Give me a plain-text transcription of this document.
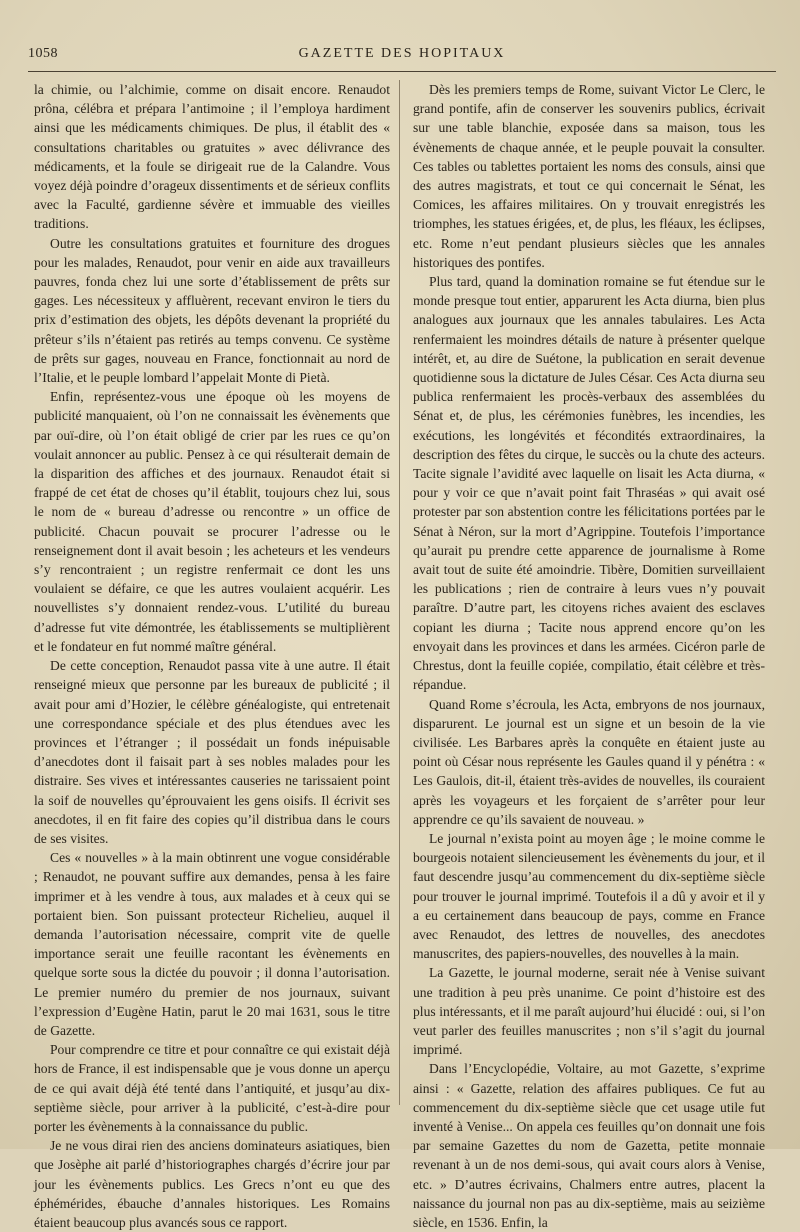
1058	GAZETTE DES HOPITAUX

la chimie, ou l’alchimie, comme on disait encore. Renaudot prôna, célébra et prépara l’antimoine ; il l’employa hardiment ainsi que les médicaments chimiques. De plus, il établit des « consultations charitables ou gratuites » avec délivrance des médicaments, et la foule se dirigeait rue de la Calandre. Vous voyez déjà poindre d’orageux dissentiments et de sérieux conflits avec la Faculté, gardienne sévère et immuable des vieilles traditions.

Outre les consultations gratuites et fourniture des drogues pour les malades, Renaudot, pour venir en aide aux travailleurs pauvres, fonda chez lui une sorte d’établissement de prêts sur gages. Les nécessiteux y affluèrent, recevant environ le tiers du prix d’estimation des objets, les dépôts devenant la propriété du prêteur s’ils n’étaient pas retirés au temps convenu. Ce système de prêts sur gages, nouveau en France, fonctionnait au nord de l’Italie, et le peuple lombard l’appelait Monte di Pietà.

Enfin, représentez-vous une époque où les moyens de publicité manquaient, où l’on ne connaissait les évènements que par ouï-dire, où l’on était obligé de crier par les rues ce qu’on voulait annoncer au public. Pensez à ce qui résulterait demain de la disparition des affiches et des journaux. Renaudot était si frappé de cet état de choses qu’il établit, toujours chez lui, sous le nom de « bureau d’adresse ou rencontre » un office de publicité. Chacun pouvait se procurer l’adresse ou le renseignement dont il avait besoin ; les acheteurs et les vendeurs s’y rencontraient ; un registre renfermait ce dont les uns voulaient se défaire, ce que les autres voulaient acquérir. Les nouvellistes s’y donnaient rendez-vous. L’utilité du bureau d’adresse fut vite démontrée, les établissements se multiplièrent et le fondateur en fut nommé maître général.

De cette conception, Renaudot passa vite à une autre. Il était renseigné mieux que personne par les bureaux de publicité ; il avait pour ami d’Hozier, le célèbre généalogiste, qui entretenait une correspondance spéciale et des plus étendues avec les provinces et l’étranger ; il possédait un fonds inépuisable d’anecdotes dont il faisait part à ses nobles malades pour les distraire. Ses vives et intéressantes causeries ne tarissaient point la soif de nouvelles qu’éprouvaient les gens oisifs. Il écrivit ses anecdotes, il en fit faire des copies qu’il distribua dans le cours de ses visites.

Ces « nouvelles » à la main obtinrent une vogue considérable ; Renaudot, ne pouvant suffire aux demandes, pensa à les faire imprimer et à les vendre à tous, aux malades et à ceux qui se portaient bien. Son puissant protecteur Richelieu, auquel il demanda l’autorisation nécessaire, comprit vite de quelle importance serait une feuille racontant les évènements en quelque sorte sous la dictée du pouvoir ; il donna l’autorisation. Le premier numéro du premier de nos journaux, suivant l’expression d’Eugène Hatin, parut le 20 mai 1631, sous le titre de Gazette.

Pour comprendre ce titre et pour connaître ce qui existait déjà hors de France, il est indispensable que je vous donne un aperçu de ce qui avait déjà été tenté dans l’antiquité, et jusqu’au dix-septième siècle, pour arriver à la publicité, c’est-à-dire pour porter les évènements à la connaissance du public.

Je ne vous dirai rien des anciens dominateurs asiatiques, bien que Josèphe ait parlé d’historiographes chargés d’écrire jour par jour les évènements publics. Les Grecs n’ont eu que des éphémérides, ébauche d’annales historiques. Les Romains étaient beaucoup plus avancés sous ce rapport.

Dès les premiers temps de Rome, suivant Victor Le Clerc, le grand pontife, afin de conserver les souvenirs publics, écrivait sur une table blanchie, exposée dans sa maison, tous les évènements de chaque année, et le peuple pouvait la consulter. Ces tables ou tablettes portaient les noms des consuls, ainsi que des autres magistrats, et tout ce qui concernait le Sénat, les Comices, les affaires militaires. On y trouvait enregistrés les triomphes, les statues érigées, et, de plus, les fléaux, les éclipses, etc. Rome n’eut pendant plusieurs siècles que les annales historiques des pontifes.

Plus tard, quand la domination romaine se fut étendue sur le monde presque tout entier, apparurent les Acta diurna, bien plus analogues aux journaux que les annales tabulaires. Les Acta renfermaient les moindres détails de nature à présenter quelque intérêt, et, au dire de Suétone, la publication en serait devenue quotidienne sous la dictature de Jules César. Ces Acta diurna seu publica renfermaient les procès-verbaux des assemblées du Sénat et, de plus, les cérémonies funèbres, les incendies, les exécutions, les longévités et fécondités extraordinaires, la description des fêtes du cirque, le succès ou la chute des acteurs. Tacite signale l’avidité avec laquelle on lisait les Acta diurna, « pour y voir ce que n’avait point fait Thraséas » qui avait osé protester par son abstention contre les félicitations portées par le Sénat à Néron, sur la mort d’Agrippine. Toutefois l’importance qu’aurait pu prendre cette apparence de journalisme à Rome avait tout de suite été amoindrie. Tibère, Domitien surveillaient les publications ; rien de contraire à leurs vues n’y pouvait paraître. D’autre part, les citoyens riches avaient des esclaves copiant les diurna ; Tacite nous apprend encore qu’on les envoyait dans les provinces et dans les armées. Cicéron parle de Chrestus, dont la feuille copiée, compilatio, était célèbre et très-répandue.

Quand Rome s’écroula, les Acta, embryons de nos journaux, disparurent. Le journal est un signe et un besoin de la vie civilisée. Les Barbares après la conquête en étaient juste au point où César nous représente les Gaules quand il y pénétra : « Les Gaulois, dit-il, étaient très-avides de nouvelles, ils couraient après les voyageurs et les forçaient de s’arrêter pour leur apprendre ce qu’ils savaient de nouveau. »

Le journal n’exista point au moyen âge ; le moine comme le bourgeois notaient silencieusement les évènements du jour, et il faut descendre jusqu’au commencement du dix-septième siècle pour trouver le journal imprimé. Toutefois il a dû y avoir et il y a eu certainement dans beaucoup de pays, comme en France avec Renaudot, des lettres de nouvelles, des anecdotes manuscrites, des papiers-nouvelles, des nouvelles à la main.

La Gazette, le journal moderne, serait née à Venise suivant une tradition à peu près unanime. Ce point d’histoire est des plus intéressants, et il me paraît aujourd’hui élucidé : oui, si l’on veut parler des feuilles manuscrites ; non s’il s’agit du journal imprimé.

Dans l’Encyclopédie, Voltaire, au mot Gazette, s’exprime ainsi : « Gazette, relation des affaires publiques. Ce fut au commencement du dix-septième siècle que cet usage utile fut inventé à Venise... On appela ces feuilles qu’on donnait une fois par semaine Gazettes du nom de Gazetta, petite monnaie revenant à un de nos demi-sous, qui avait cours alors à Venise, etc. » D’autres écrivains, Chalmers entre autres, placent la naissance du journal non pas au dix-septième, mais au seizième siècle, en 1536. Enfin, la
